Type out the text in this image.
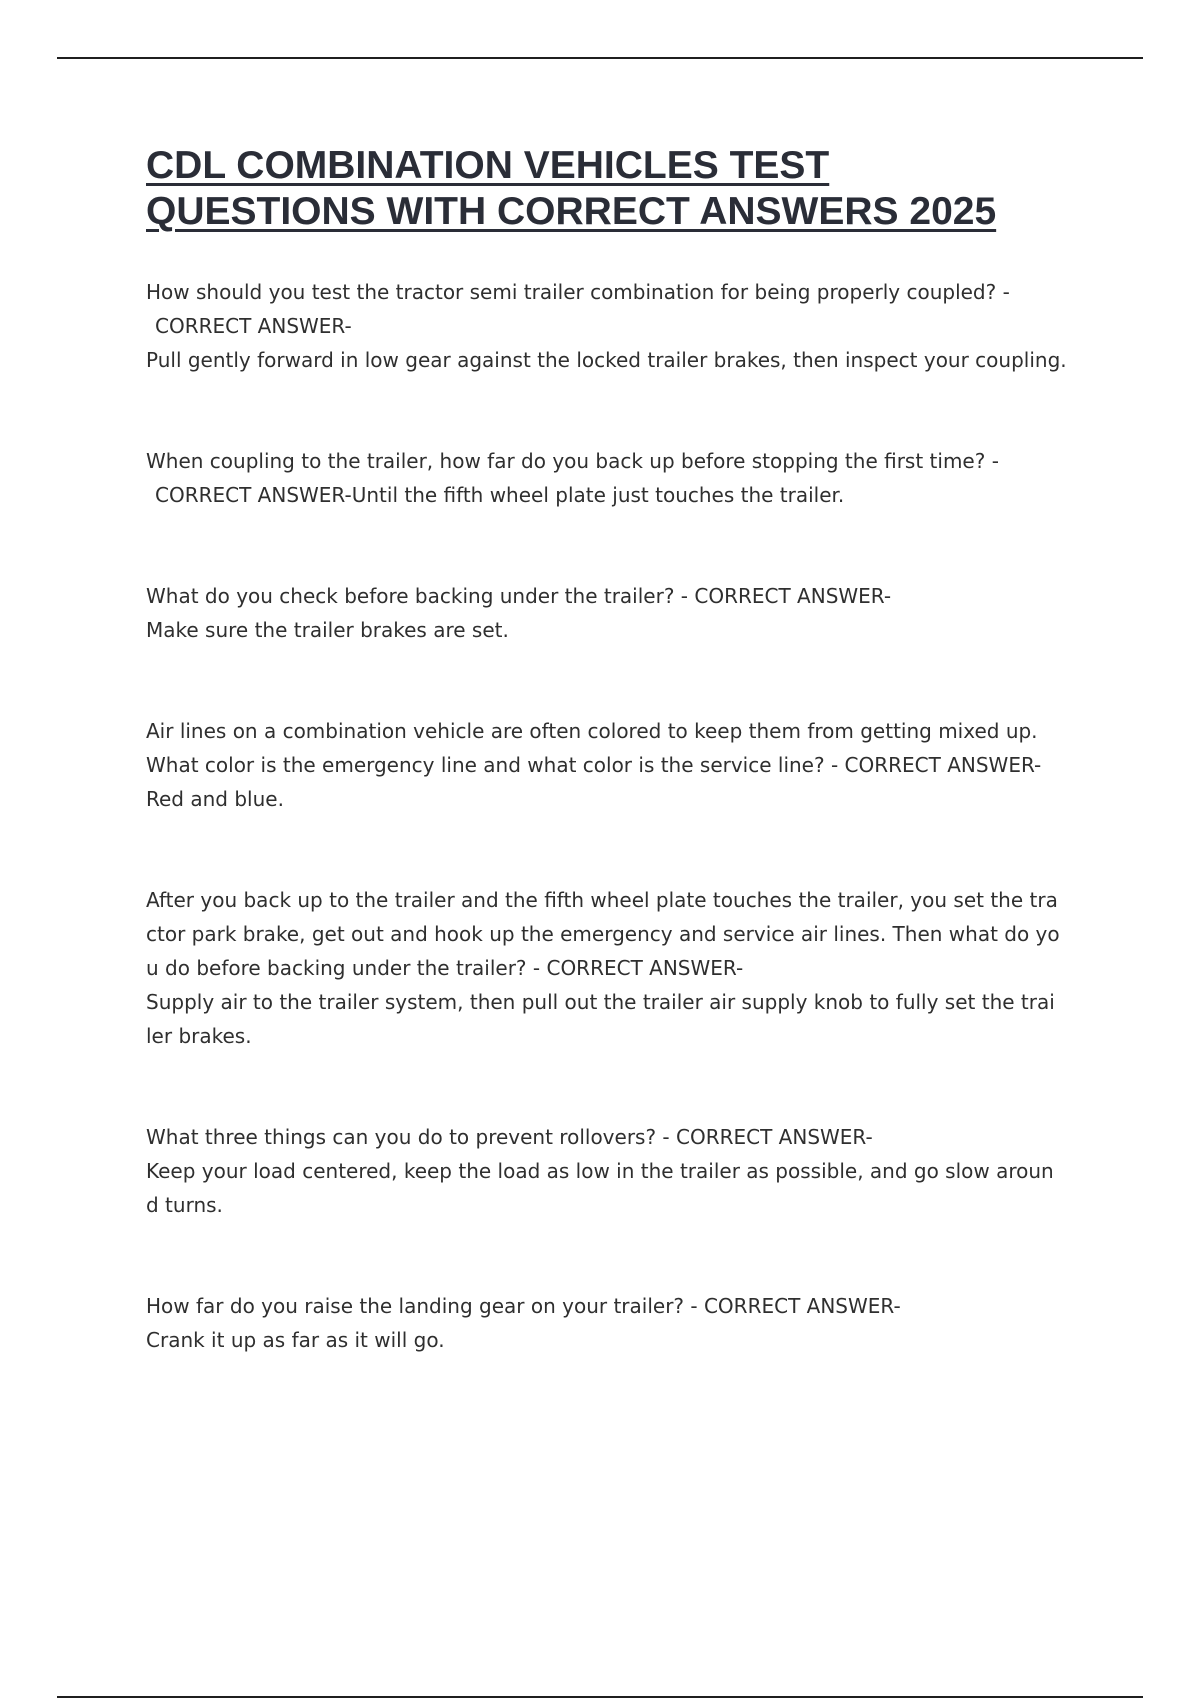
CDL COMBINATION VEHICLES TEST
QUESTIONS WITH CORRECT ANSWERS 2025
How should you test the tractor semi trailer combination for being properly coupled? -
CORRECT ANSWER-
Pull gently forward in low gear against the locked trailer brakes, then inspect your coupling.
When coupling to the trailer, how far do you back up before stopping the first time? -
CORRECT ANSWER-Until the fifth wheel plate just touches the trailer.
What do you check before backing under the trailer? - CORRECT ANSWER-
Make sure the trailer brakes are set.
Air lines on a combination vehicle are often colored to keep them from getting mixed up.
What color is the emergency line and what color is the service line? - CORRECT ANSWER-
Red and blue.
After you back up to the trailer and the fifth wheel plate touches the trailer, you set the tra
ctor park brake, get out and hook up the emergency and service air lines. Then what do yo
u do before backing under the trailer? - CORRECT ANSWER-
Supply air to the trailer system, then pull out the trailer air supply knob to fully set the trai
ler brakes.
What three things can you do to prevent rollovers? - CORRECT ANSWER-
Keep your load centered, keep the load as low in the trailer as possible, and go slow aroun
d turns.
How far do you raise the landing gear on your trailer? - CORRECT ANSWER-
Crank it up as far as it will go.
